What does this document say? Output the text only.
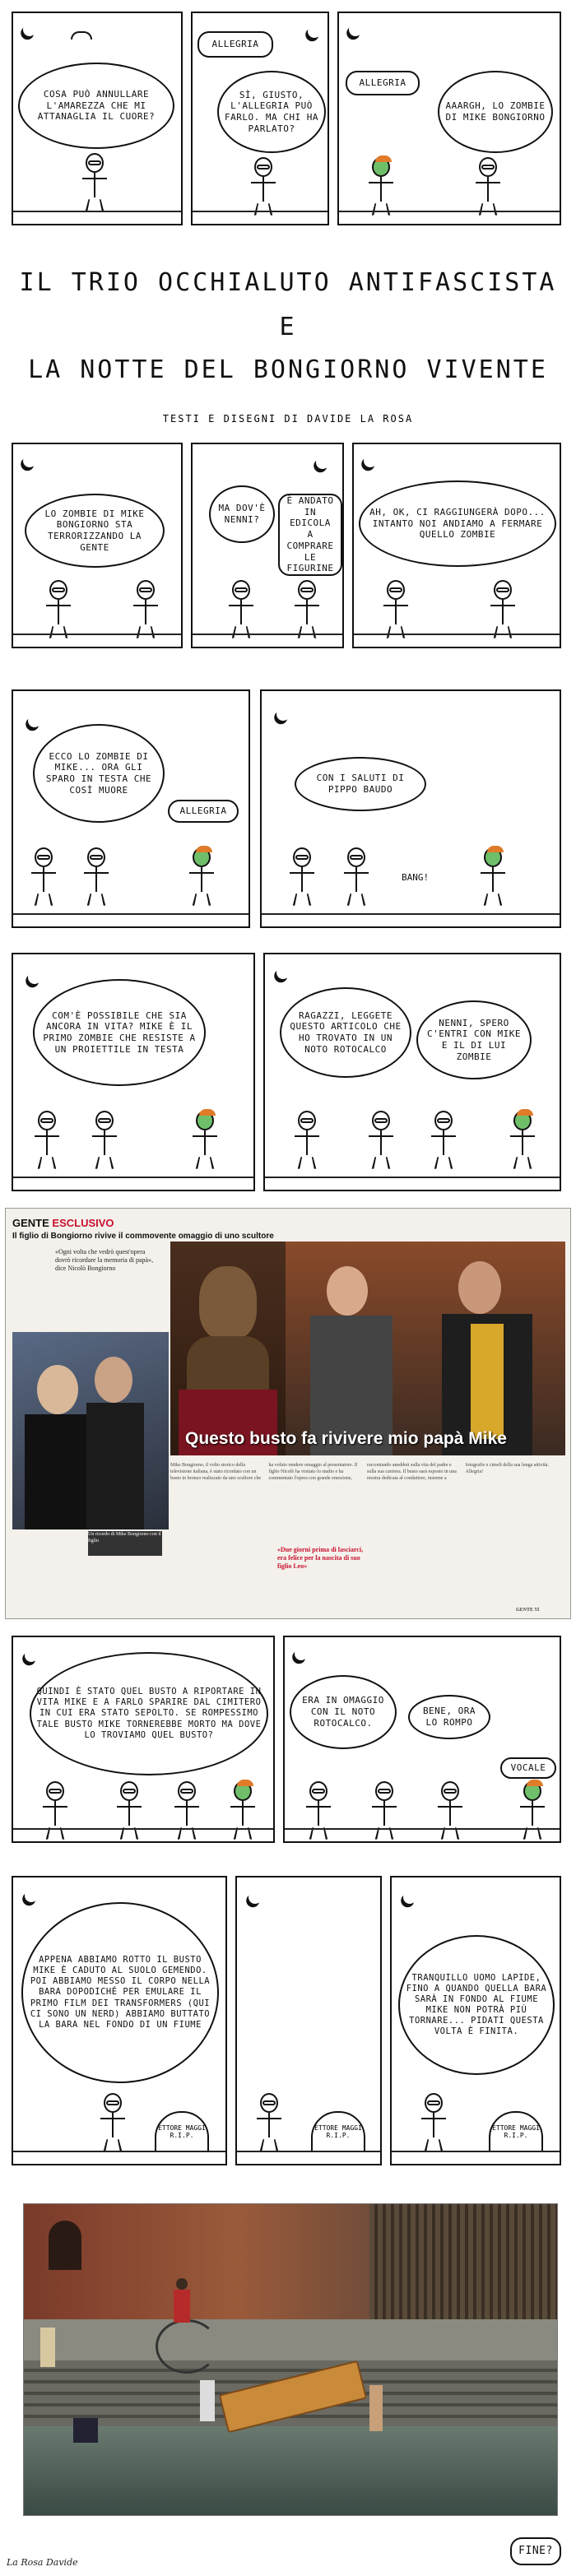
COSA PUÒ ANNULLARE L'AMAREZZA CHE MI ATTANAGLIA IL CUORE?
ALLEGRIA
SÌ, GIUSTO, L'ALLEGRIA PUÒ FARLO. MA CHI HA PARLATO?
ALLEGRIA
AAARGH, LO ZOMBIE DI MIKE BONGIORNO
IL TRIO OCCHIALUTO ANTIFASCISTA
E
LA NOTTE DEL BONGIORNO VIVENTE
TESTI E DISEGNI DI DAVIDE LA ROSA
LO ZOMBIE DI MIKE BONGIORNO STA TERRORIZZANDO LA GENTE
MA DOV'È NENNI?
È ANDATO IN EDICOLA A COMPRARE LE FIGURINE
AH, OK, CI RAGGIUNGERÀ DOPO... INTANTO NOI ANDIAMO A FERMARE QUELLO ZOMBIE
ECCO LO ZOMBIE DI MIKE... ORA GLI SPARO IN TESTA CHE COSÌ MUORE
ALLEGRIA
CON I SALUTI DI PIPPO BAUDO
BANG!
COM'È POSSIBILE CHE SIA ANCORA IN VITA? MIKE È IL PRIMO ZOMBIE CHE RESISTE A UN PROIETTILE IN TESTA
RAGAZZI, LEGGETE QUESTO ARTICOLO CHE HO TROVATO IN UN NOTO ROTOCALCO
NENNI, SPERO C'ENTRI CON MIKE E IL DI LUI ZOMBIE
GENTE ESCLUSIVO
Il figlio di Bongiorno rivive il commovente omaggio di uno scultore
«Ogni volta che vedrò quest'opera dovrò ricordare la memoria di papà», dice Nicolò Bongiorno
Un ricordo di Mike Bongiorno con il figlio
Questo busto fa rivivere mio papà Mike
Mike Bongiorno, il volto storico della televisione italiana, è stato ricordato con un busto in bronzo realizzato da uno scultore che ha voluto rendere omaggio al presentatore. Il figlio Nicolò ha visitato lo studio e ha commentato l'opera con grande emozione, raccontando aneddoti sulla vita del padre e sulla sua carriera. Il busto sarà esposto in una mostra dedicata al conduttore, insieme a fotografie e cimeli della sua lunga attività. Allegria!
«Due giorni prima di lasciarci, era felice per la nascita di suo figlio Leo»
GENTE 55
QUINDI È STATO QUEL BUSTO A RIPORTARE IN VITA MIKE E A FARLO SPARIRE DAL CIMITERO IN CUI ERA STATO SEPOLTO. SE ROMPESSIMO TALE BUSTO MIKE TORNEREBBE MORTO MA DOVE LO TROVIAMO QUEL BUSTO?
ERA IN OMAGGIO CON IL NOTO ROTOCALCO.
BENE, ORA LO ROMPO
VOCALE
APPENA ABBIAMO ROTTO IL BUSTO MIKE È CADUTO AL SUOLO GEMENDO. POI ABBIAMO MESSO IL CORPO NELLA BARA DOPODICHÉ PER EMULARE IL PRIMO FILM DEI TRANSFORMERS (QUI CI SONO UN NERD) ABBIAMO BUTTATO LA BARA NEL FONDO DI UN FIUME
ETTORE MAGGI R.I.P.
ETTORE MAGGI R.I.P.
TRANQUILLO UOMO LAPIDE, FINO A QUANDO QUELLA BARA SARÀ IN FONDO AL FIUME MIKE NON POTRÀ PIÙ TORNARE... PIDATI QUESTA VOLTA È FINITA.
ETTORE MAGGI R.I.P.
FINE?
La Rosa Davide
